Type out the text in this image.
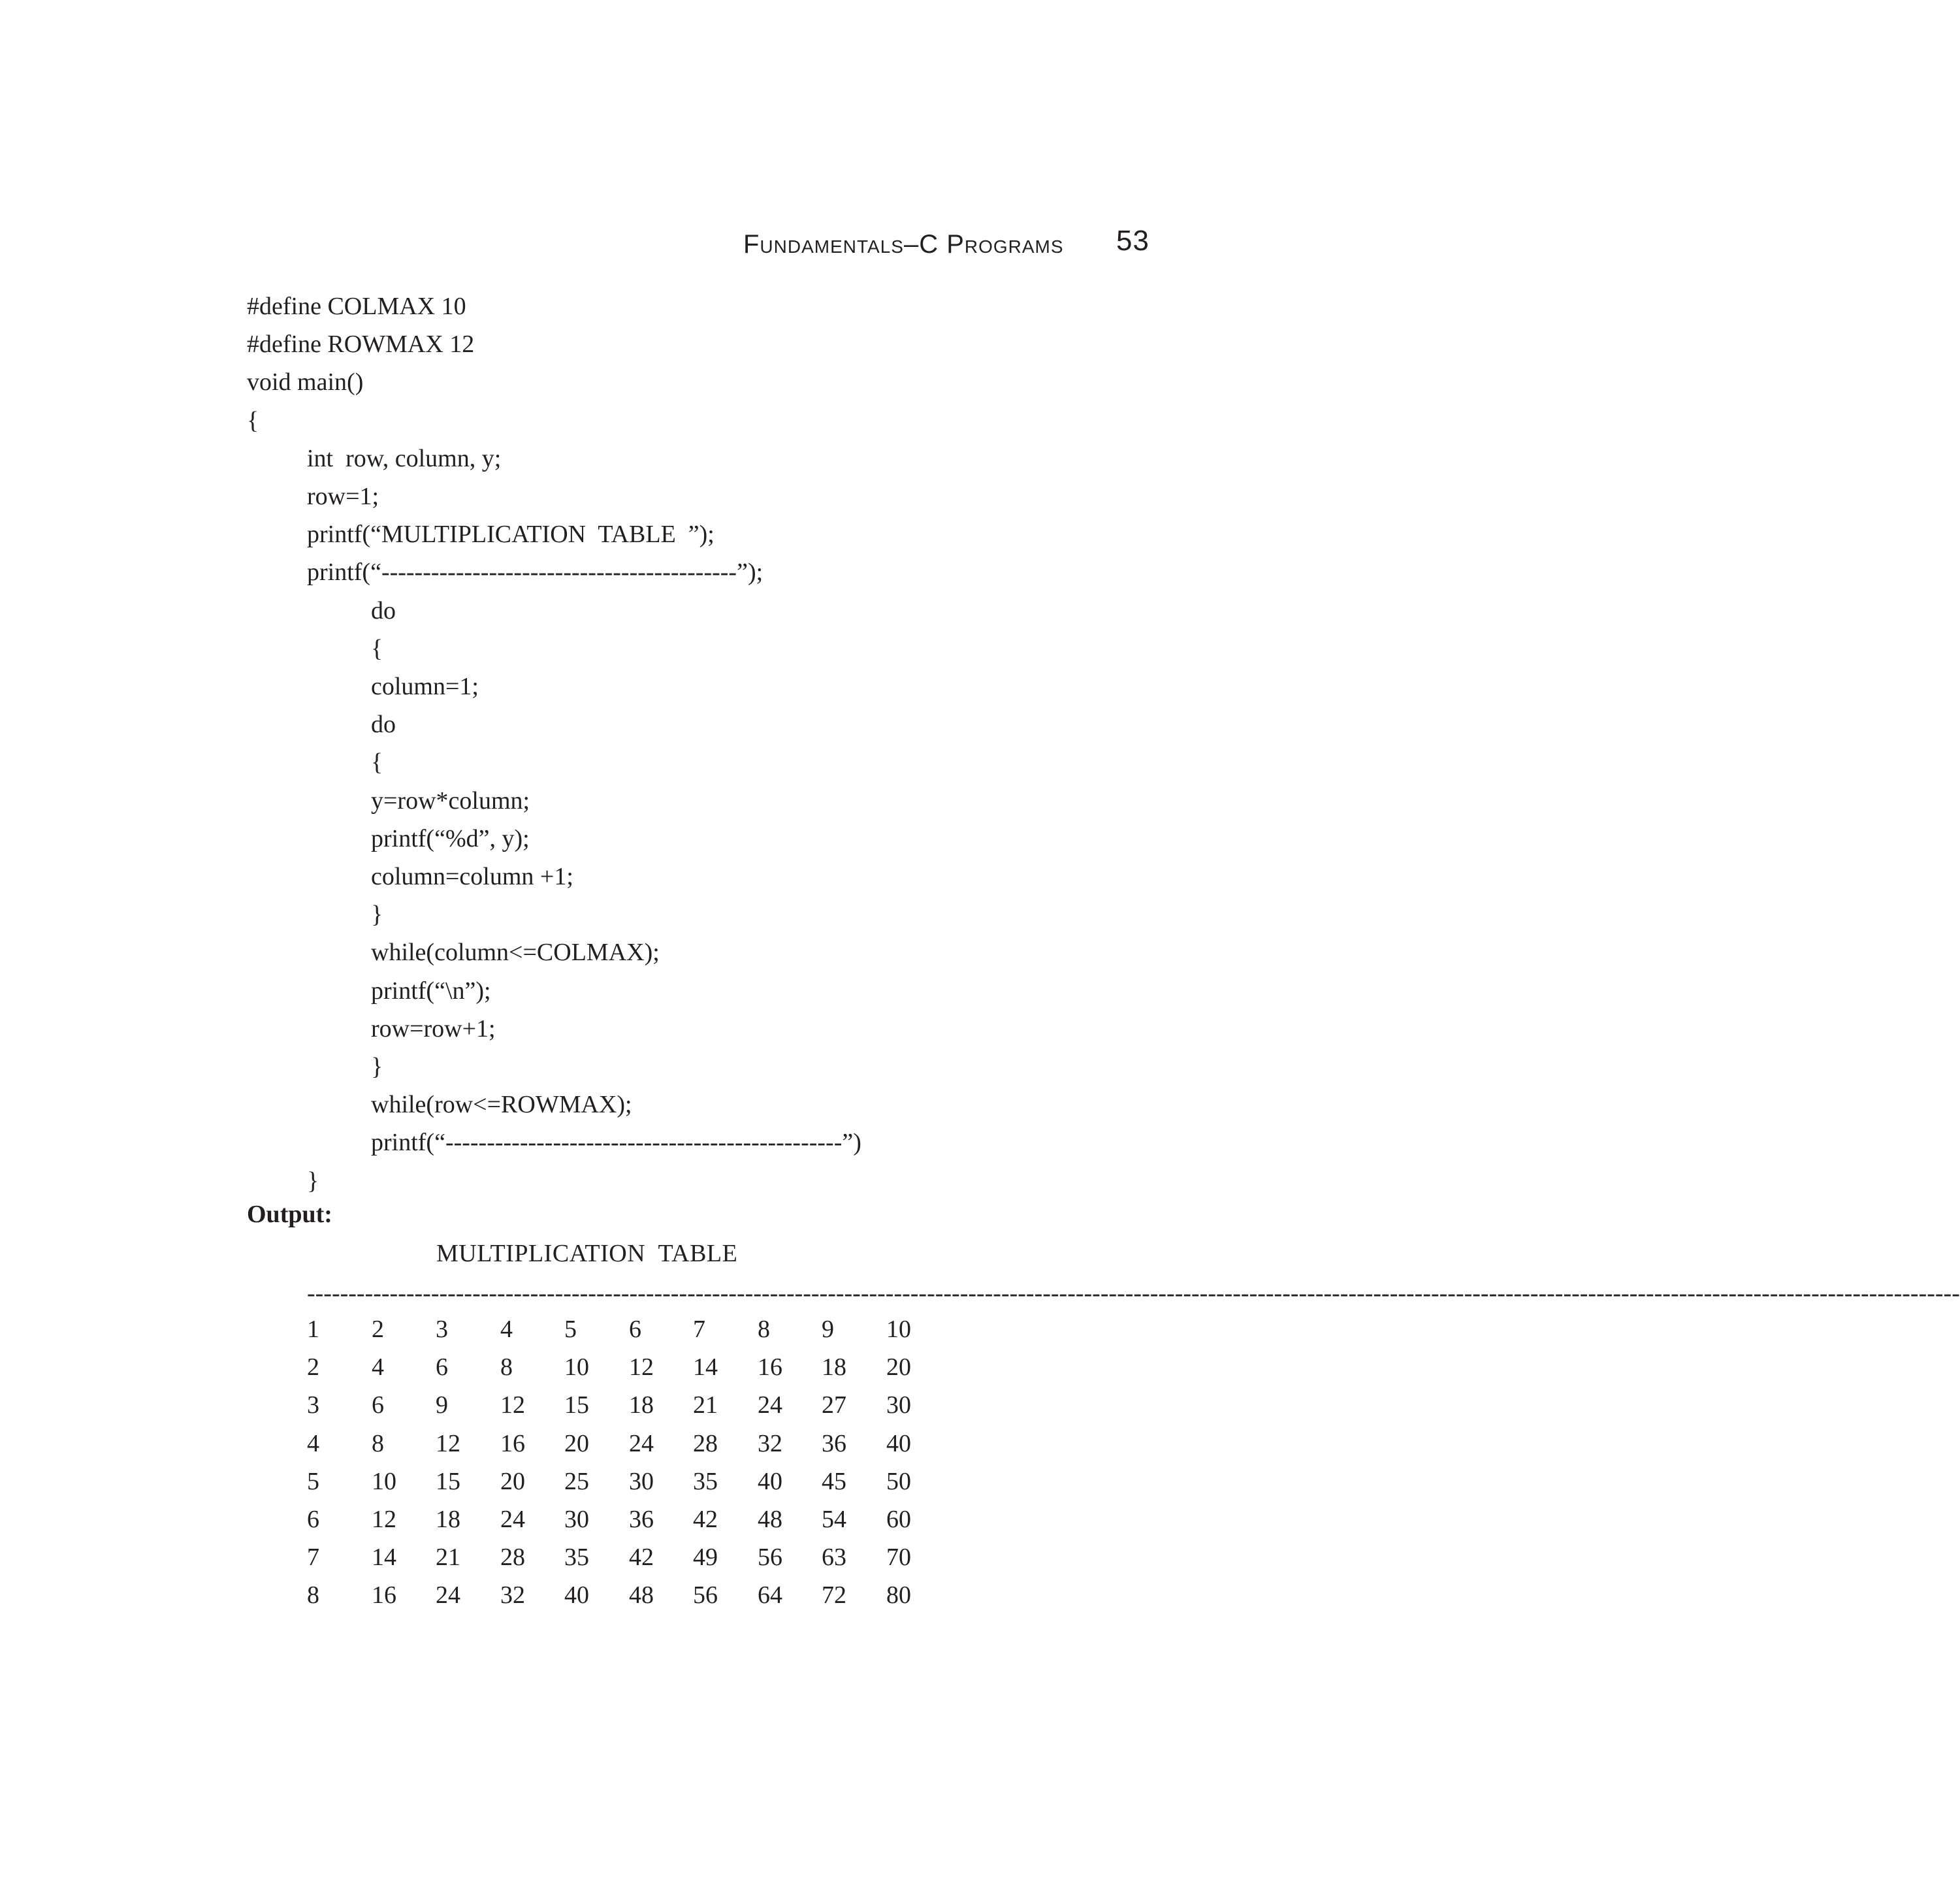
Fundamentals–C Programs 53
#define COLMAX 10
#define ROWMAX 12
void main()
{
int  row, column, y;
row=1;
printf(“MULTIPLICATION  TABLE  ”);
printf(“-------------------------------------------”);
do
{
column=1;
do
{
y=row*column;
printf(“%d”, y);
column=column +1;
}
while(column<=COLMAX);
printf(“\n”);
row=row+1;
}
while(row<=ROWMAX);
printf(“------------------------------------------------”)
}
Output:
MULTIPLICATION  TABLE
--------------------------------------------------------------------------------------------------------------------------------------------------------------------------------------------------------
1 2 3 4 5 6 7 8 9 10
2 4 6 8 10 12 14 16 18 20
3 6 9 12 15 18 21 24 27 30
4 8 12 16 20 24 28 32 36 40
5 10 15 20 25 30 35 40 45 50
6 12 18 24 30 36 42 48 54 60
7 14 21 28 35 42 49 56 63 70
8 16 24 32 40 48 56 64 72 80
